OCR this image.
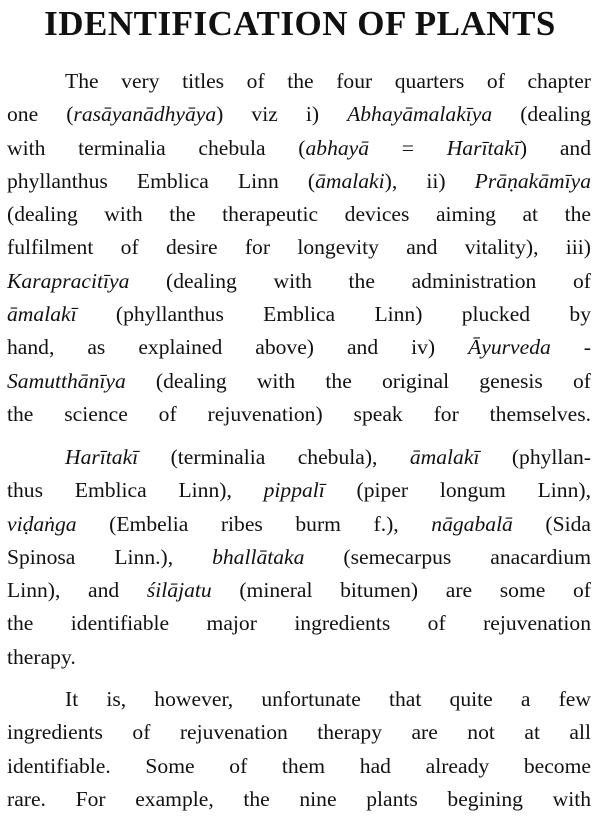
IDENTIFICATION OF PLANTS

The very titles of the four quarters of chapter
one (rasāyanādhyāya) viz i) Abhayāmalakīya (dealing
with terminalia chebula (abhayā = Harītakī) and
phyllanthus Emblica Linn (āmalaki), ii) Prāṇakāmīya
(dealing with the therapeutic devices aiming at the
fulfilment of desire for longevity and vitality), iii)
Karapracitīya (dealing with the administration of
āmalakī (phyllanthus Emblica Linn) plucked by
hand, as explained above) and iv) Āyurveda -
Samutthānīya (dealing with the original genesis of
the science of rejuvenation) speak for themselves.

Harītakī (terminalia chebula), āmalakī (phyllan-
thus Emblica Linn), pippalī (piper longum Linn),
viḍaṅga (Embelia ribes burm f.), nāgabalā (Sida
Spinosa Linn.), bhallātaka (semecarpus anacardium
Linn), and śilājatu (mineral bitumen) are some of
the identifiable major ingredients of rejuvenation
therapy.

It is, however, unfortunate that quite a few
ingredients of rejuvenation therapy are not at all
identifiable. Some of them had already become
rare. For example, the nine plants begining with
